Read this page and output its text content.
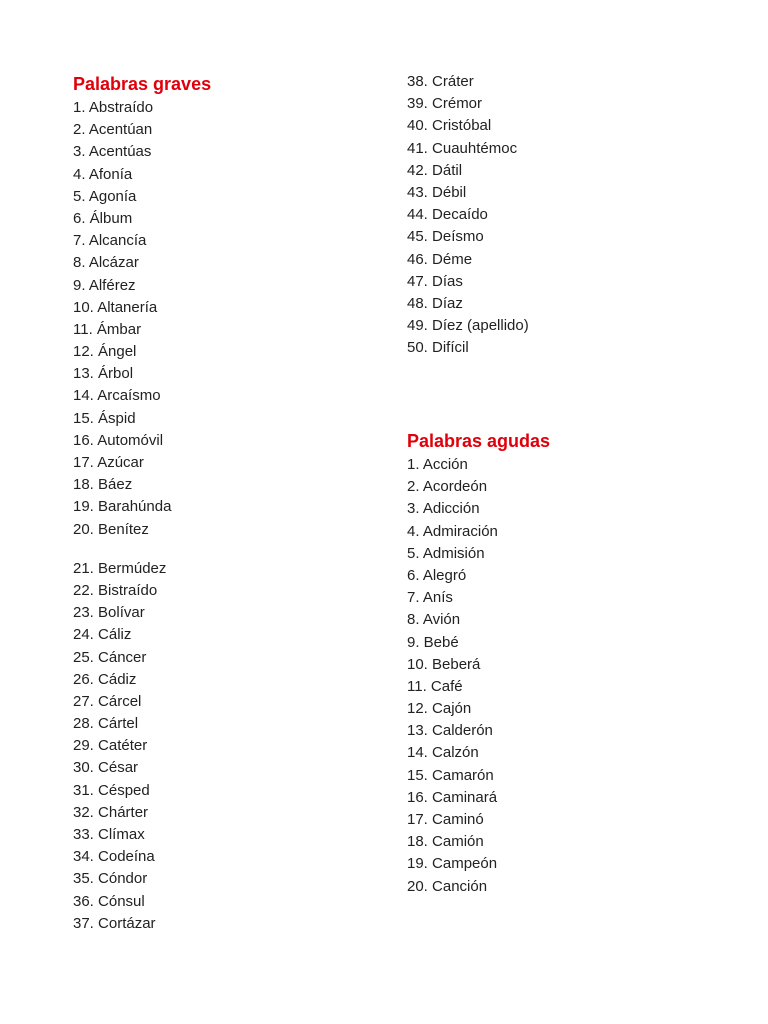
Palabras graves
1. Abstraído
2. Acentúan
3. Acentúas
4. Afonía
5. Agonía
6. Álbum
7. Alcancía
8. Alcázar
9. Alférez
10. Altanería
11. Ámbar
12. Ángel
13. Árbol
14. Arcaísmo
15. Áspid
16. Automóvil
17. Azúcar
18. Báez
19. Barahúnda
20. Benítez
21. Bermúdez
22. Bistraído
23. Bolívar
24. Cáliz
25. Cáncer
26. Cádiz
27. Cárcel
28. Cártel
29. Catéter
30. César
31. Césped
32. Chárter
33. Clímax
34. Codeína
35. Cóndor
36. Cónsul
37. Cortázar
38. Cráter
39. Crémor
40. Cristóbal
41. Cuauhtémoc
42. Dátil
43. Débil
44. Decaído
45. Deísmo
46. Déme
47. Días
48. Díaz
49. Díez (apellido)
50. Difícil
Palabras agudas
1. Acción
2. Acordeón
3. Adicción
4. Admiración
5. Admisión
6. Alegró
7. Anís
8. Avión
9. Bebé
10. Beberá
11. Café
12. Cajón
13. Calderón
14. Calzón
15. Camarón
16. Caminará
17. Caminó
18. Camión
19. Campeón
20. Canción
